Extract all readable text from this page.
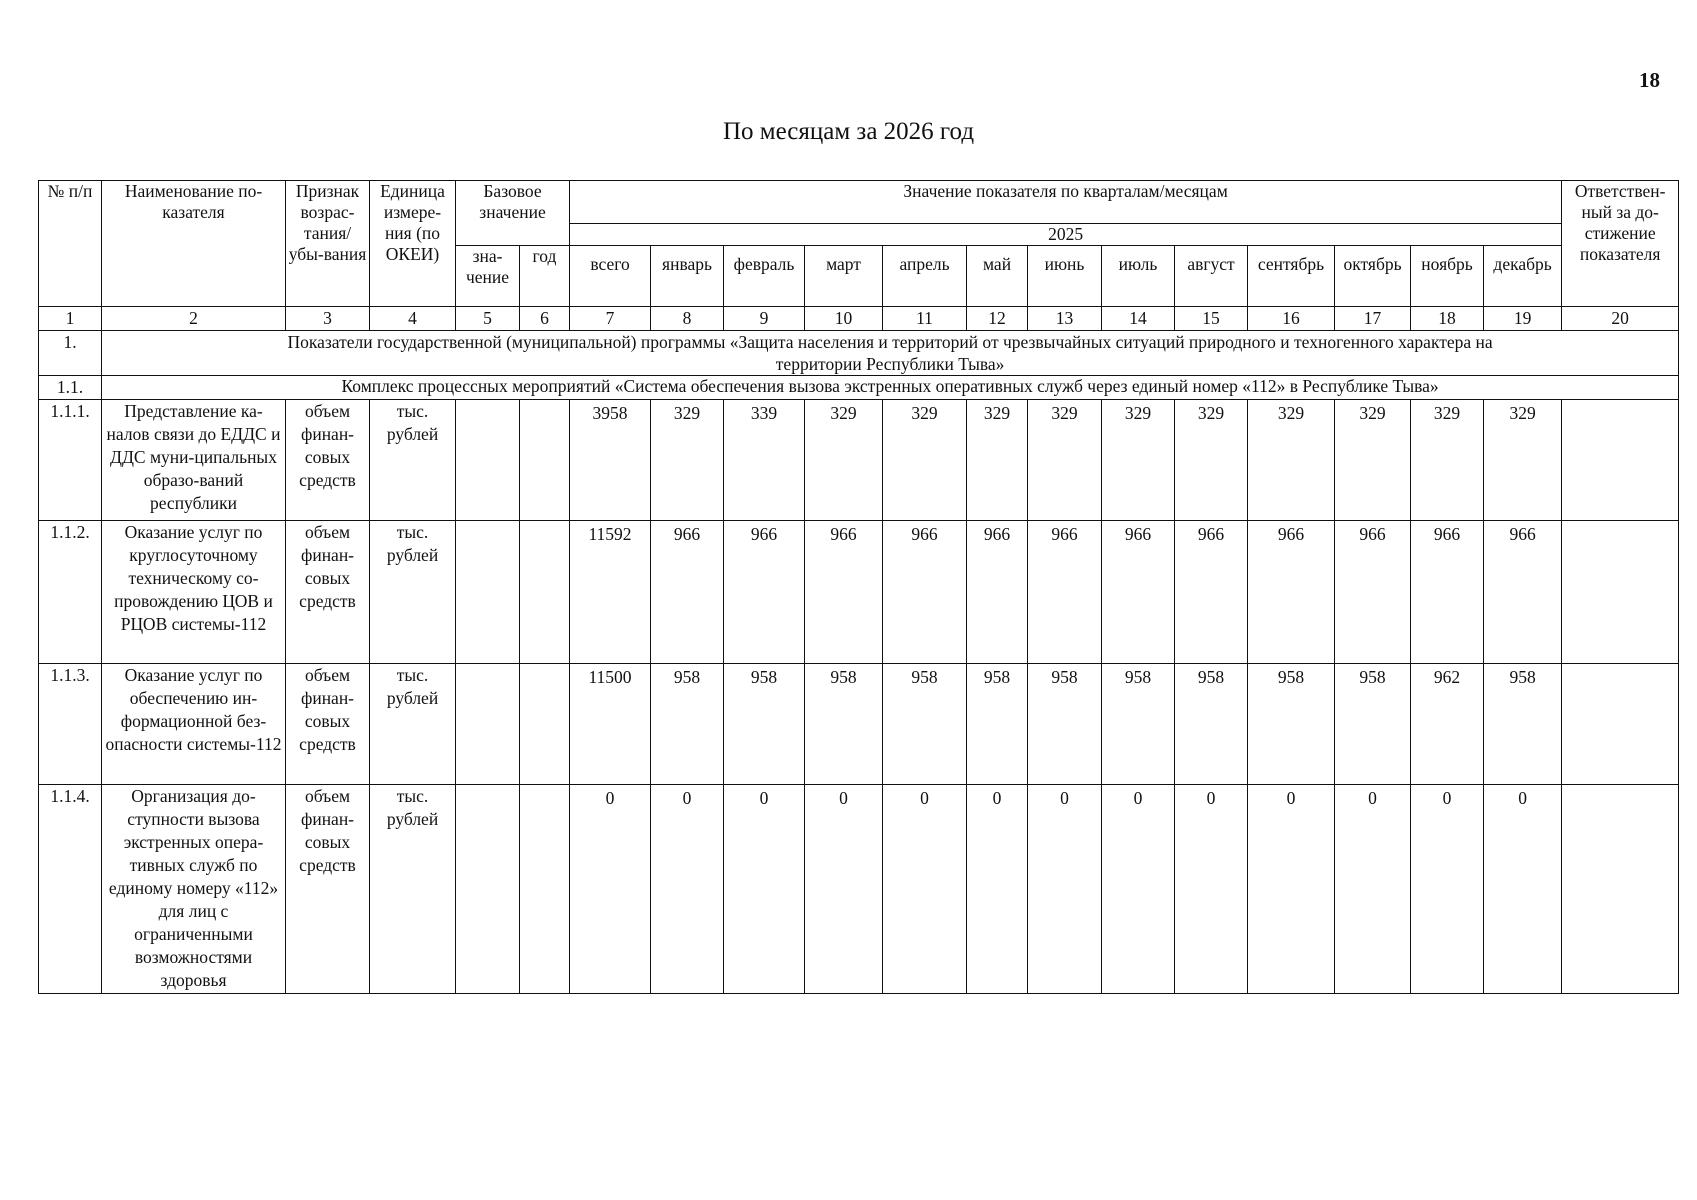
18
По месяцам за 2026 год
№ п/п	Наименование по-казателя	Признак возрас-тания/ убы-вания	Единица измере-ния (по ОКЕИ)	Базовое значение		Значение показателя по кварталам/месяцам													Ответствен-ный за до-стижение показателя
						2025													
				зна-чение	год	всего	январь	февраль	март	апрель	май	июнь	июль	август	сентябрь	октябрь	ноябрь	декабрь	

1	2	3	4	5	6	7	8	9	10	11	12	13	14	15	16	17	18	19	20
1.	Показатели государственной (муниципальной) программы «Защита населения и территорий от чрезвычайных ситуаций природного и техногенного характера на территории Республики Тыва»																		
1.1.	Комплекс процессных мероприятий «Система обеспечения вызова экстренных оперативных служб через единый номер «112» в Республике Тыва»																		
1.1.1.	Представление ка-налов связи до ЕДДС и ДДС муни-ципальных образо-ваний республики	объем финан-совых средств	тыс. рублей			3958	329	339	329	329	329	329	329	329	329	329	329	329	
1.1.2.	Оказание услуг по круглосуточному техническому со-провождению ЦОВ и РЦОВ системы-112	объем финан-совых средств	тыс. рублей			11592	966	966	966	966	966	966	966	966	966	966	966	966	
1.1.3.	Оказание услуг по обеспечению ин-формационной без-опасности системы-112	объем финан-совых средств	тыс. рублей			11500	958	958	958	958	958	958	958	958	958	958	962	958	
1.1.4.	Организация до-ступности вызова экстренных опера-тивных служб по единому номеру «112» для лиц с ограниченными возможностями здоровья	объем финан-совых средств	тыс. рублей			0	0	0	0	0	0	0	0	0	0	0	0	0	
